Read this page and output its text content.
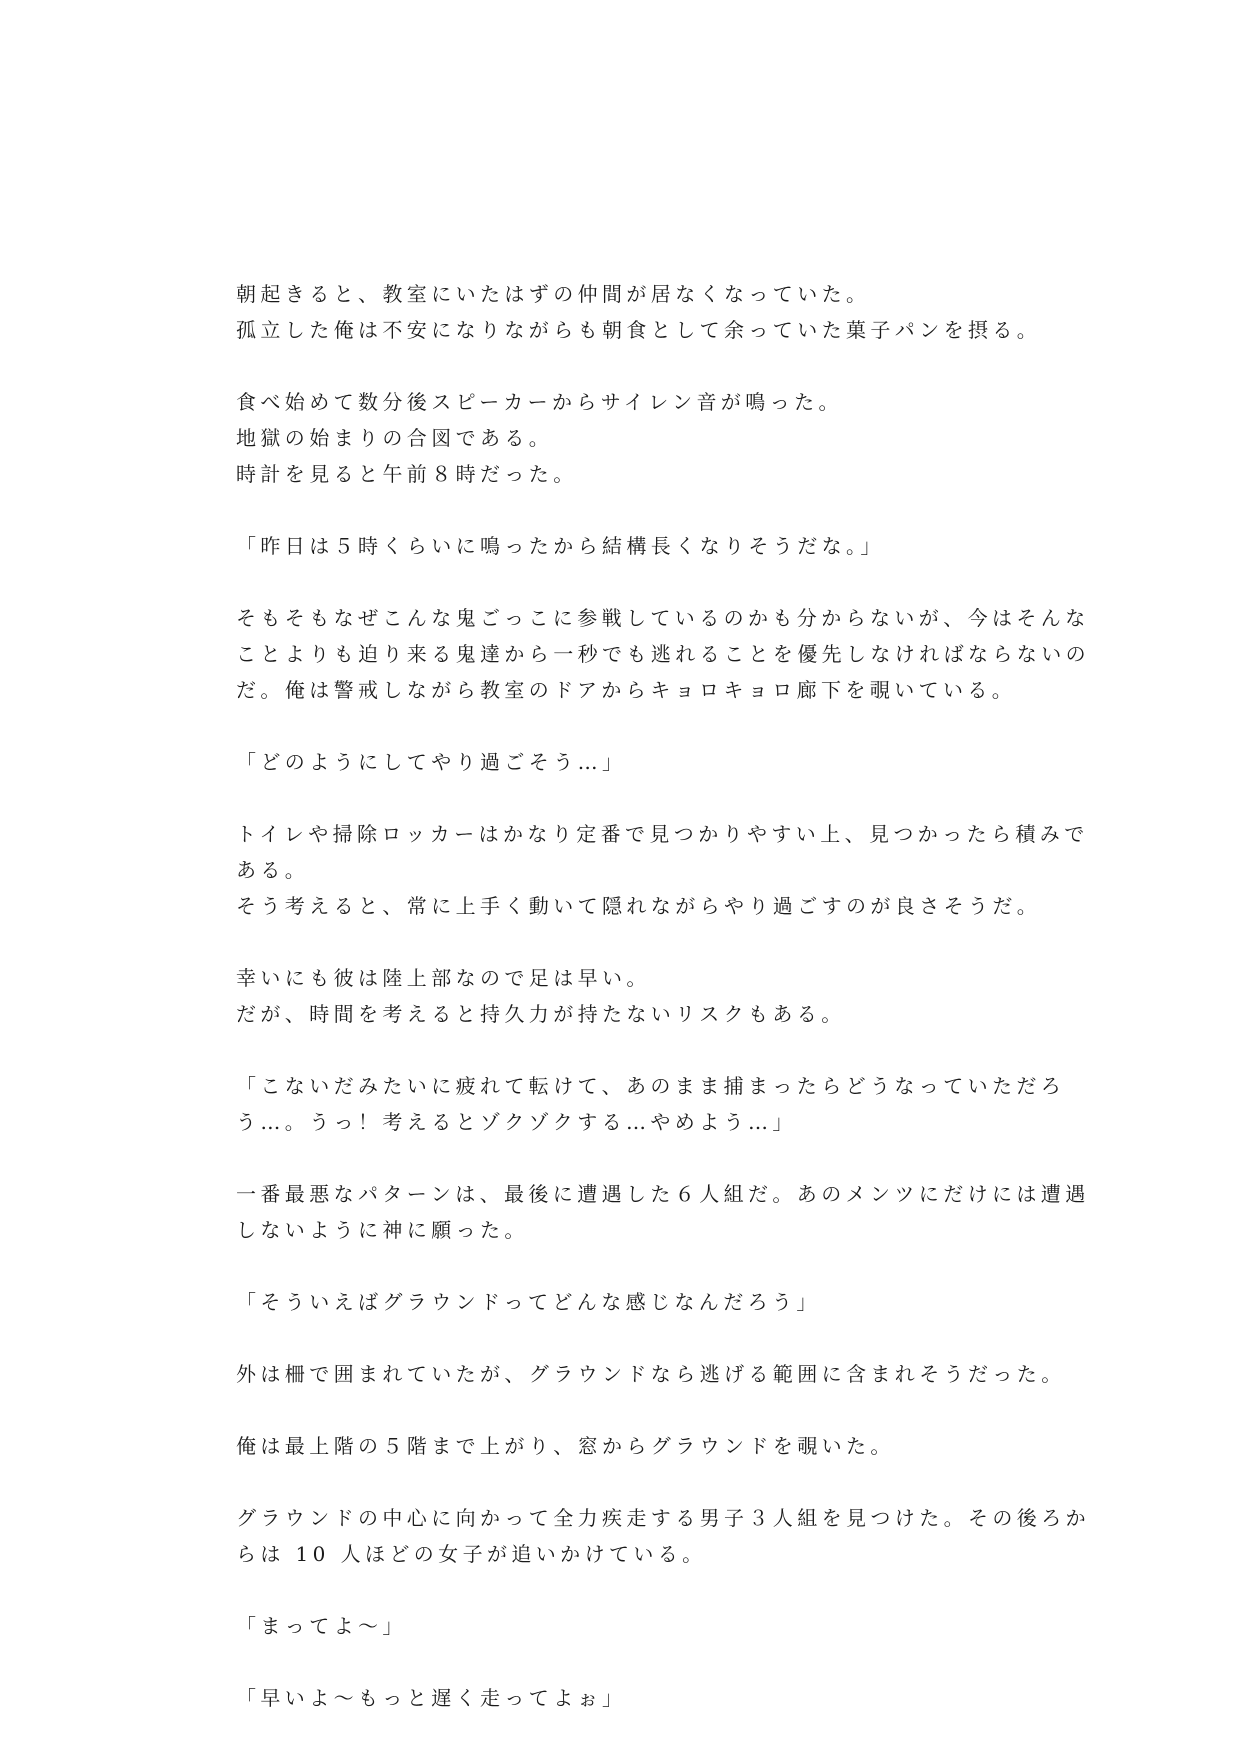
朝起きると、教室にいたはずの仲間が居なくなっていた。
孤立した俺は不安になりながらも朝食として余っていた菓子パンを摂る。
食べ始めて数分後スピーカーからサイレン音が鳴った。
地獄の始まりの合図である。
時計を見ると午前８時だった。
「昨日は５時くらいに鳴ったから結構長くなりそうだな。」
そもそもなぜこんな鬼ごっこに参戦しているのかも分からないが、今はそんな
ことよりも迫り来る鬼達から一秒でも逃れることを優先しなければならないの
だ。俺は警戒しながら教室のドアからキョロキョロ廊下を覗いている。
「どのようにしてやり過ごそう…」
トイレや掃除ロッカーはかなり定番で見つかりやすい上、見つかったら積みで
ある。
そう考えると、常に上手く動いて隠れながらやり過ごすのが良さそうだ。
幸いにも彼は陸上部なので足は早い。
だが、時間を考えると持久力が持たないリスクもある。
「こないだみたいに疲れて転けて、あのまま捕まったらどうなっていただろ
う…。うっ！考えるとゾクゾクする…やめよう…」
一番最悪なパターンは、最後に遭遇した６人組だ。あのメンツにだけには遭遇
しないように神に願った。
「そういえばグラウンドってどんな感じなんだろう」
外は柵で囲まれていたが、グラウンドなら逃げる範囲に含まれそうだった。
俺は最上階の５階まで上がり、窓からグラウンドを覗いた。
グラウンドの中心に向かって全力疾走する男子３人組を見つけた。その後ろか
らは 10 人ほどの女子が追いかけている。
「まってよ～」
「早いよ～もっと遅く走ってよぉ」
